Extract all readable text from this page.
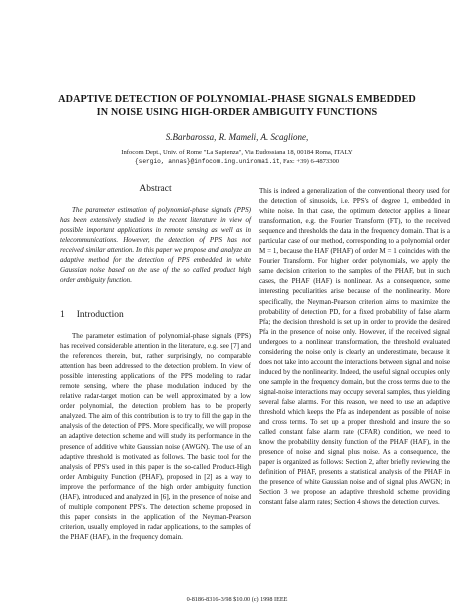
ADAPTIVE DETECTION OF POLYNOMIAL-PHASE SIGNALS EMBEDDED
IN NOISE USING HIGH-ORDER AMBIGUITY FUNCTIONS
S.Barbarossa, R. Mameli, A. Scaglione,
Infocom Dept., Univ. of Rome "La Sapienza", Via Eudossiana 18, 00184 Roma, ITALY
{sergio, annas}@infocom.ing.uniroma1.it, Fax: +39) 6-4873300
Abstract

The parameter estimation of polynomial-phase signals (PPS) has been extensively studied in the recent literature in view of possible important applications in remote sensing as well as in telecommunications. However, the detection of PPS has not received similar attention. In this paper we propose and analyze an adaptive method for the detection of PPS embedded in white Gaussian noise based on the use of the so called product high order ambiguity function.

1 Introduction

The parameter estimation of polynomial-phase signals (PPS) has received considerable attention in the literature, e.g. see [7] and the references therein, but, rather surprisingly, no comparable attention has been addressed to the detection problem. In view of possible interesting applications of the PPS modeling to radar remote sensing, where the phase modulation induced by the relative radar-target motion can be well approximated by a low order polynomial, the detection problem has to be properly analyzed. The aim of this contribution is to try to fill the gap in the analysis of the detection of PPS. More specifically, we will propose an adaptive detection scheme and will study its performance in the presence of additive white Gaussian noise (AWGN). The use of an adaptive threshold is motivated as follows. The basic tool for the analysis of PPS's used in this paper is the so-called Product-High order Ambiguity Function (PHAF), proposed in [2] as a way to improve the performance of the high order ambiguity function (HAF), introduced and analyzed in [6], in the presence of noise and of multiple component PPS's. The detection scheme proposed in this paper consists in the application of the Neyman-Pearson criterion, usually employed in radar applications, to the samples of the PHAF (HAF), in the frequency domain.

This is indeed a generalization of the conventional theory used for the detection of sinusoids, i.e. PPS's of degree 1, embedded in white noise. In that case, the optimum detector applies a linear transformation, e.g. the Fourier Transform (FT), to the received sequence and thresholds the data in the frequency domain. That is a particular case of our method, corresponding to a polynomial order M = 1, because the HAF (PHAF) of order M = 1 coincides with the Fourier Transform. For higher order polynomials, we apply the same decision criterion to the samples of the PHAF, but in such cases, the PHAF (HAF) is nonlinear. As a consequence, some interesting peculiarities arise because of the nonlinearity. More specifically, the Neyman-Pearson criterion aims to maximize the probability of detection PD, for a fixed probability of false alarm Pfa; the decision threshold is set up in order to provide the desired Pfa in the presence of noise only. However, if the received signal undergoes to a nonlinear transformation, the threshold evaluated considering the noise only is clearly an underestimate, because it does not take into account the interactions between signal and noise induced by the nonlinearity. Indeed, the useful signal occupies only one sample in the frequency domain, but the cross terms due to the signal-noise interactions may occupy several samples, thus yielding several false alarms. For this reason, we need to use an adaptive threshold which keeps the Pfa as independent as possible of noise and cross terms. To set up a proper threshold and insure the so called constant false alarm rate (CFAR) condition, we need to know the probability density function of the PHAF (HAF), in the presence of noise and signal plus noise. As a consequence, the paper is organized as follows: Section 2, after briefly reviewing the definition of PHAF, presents a statistical analysis of the PHAF in the presence of white Gaussian noise and of signal plus AWGN; in Section 3 we propose an adaptive threshold scheme providing constant false alarm rates; Section 4 shows the detection curves.

0-8186-8316-3/98 $10.00 (c) 1998 IEEE
